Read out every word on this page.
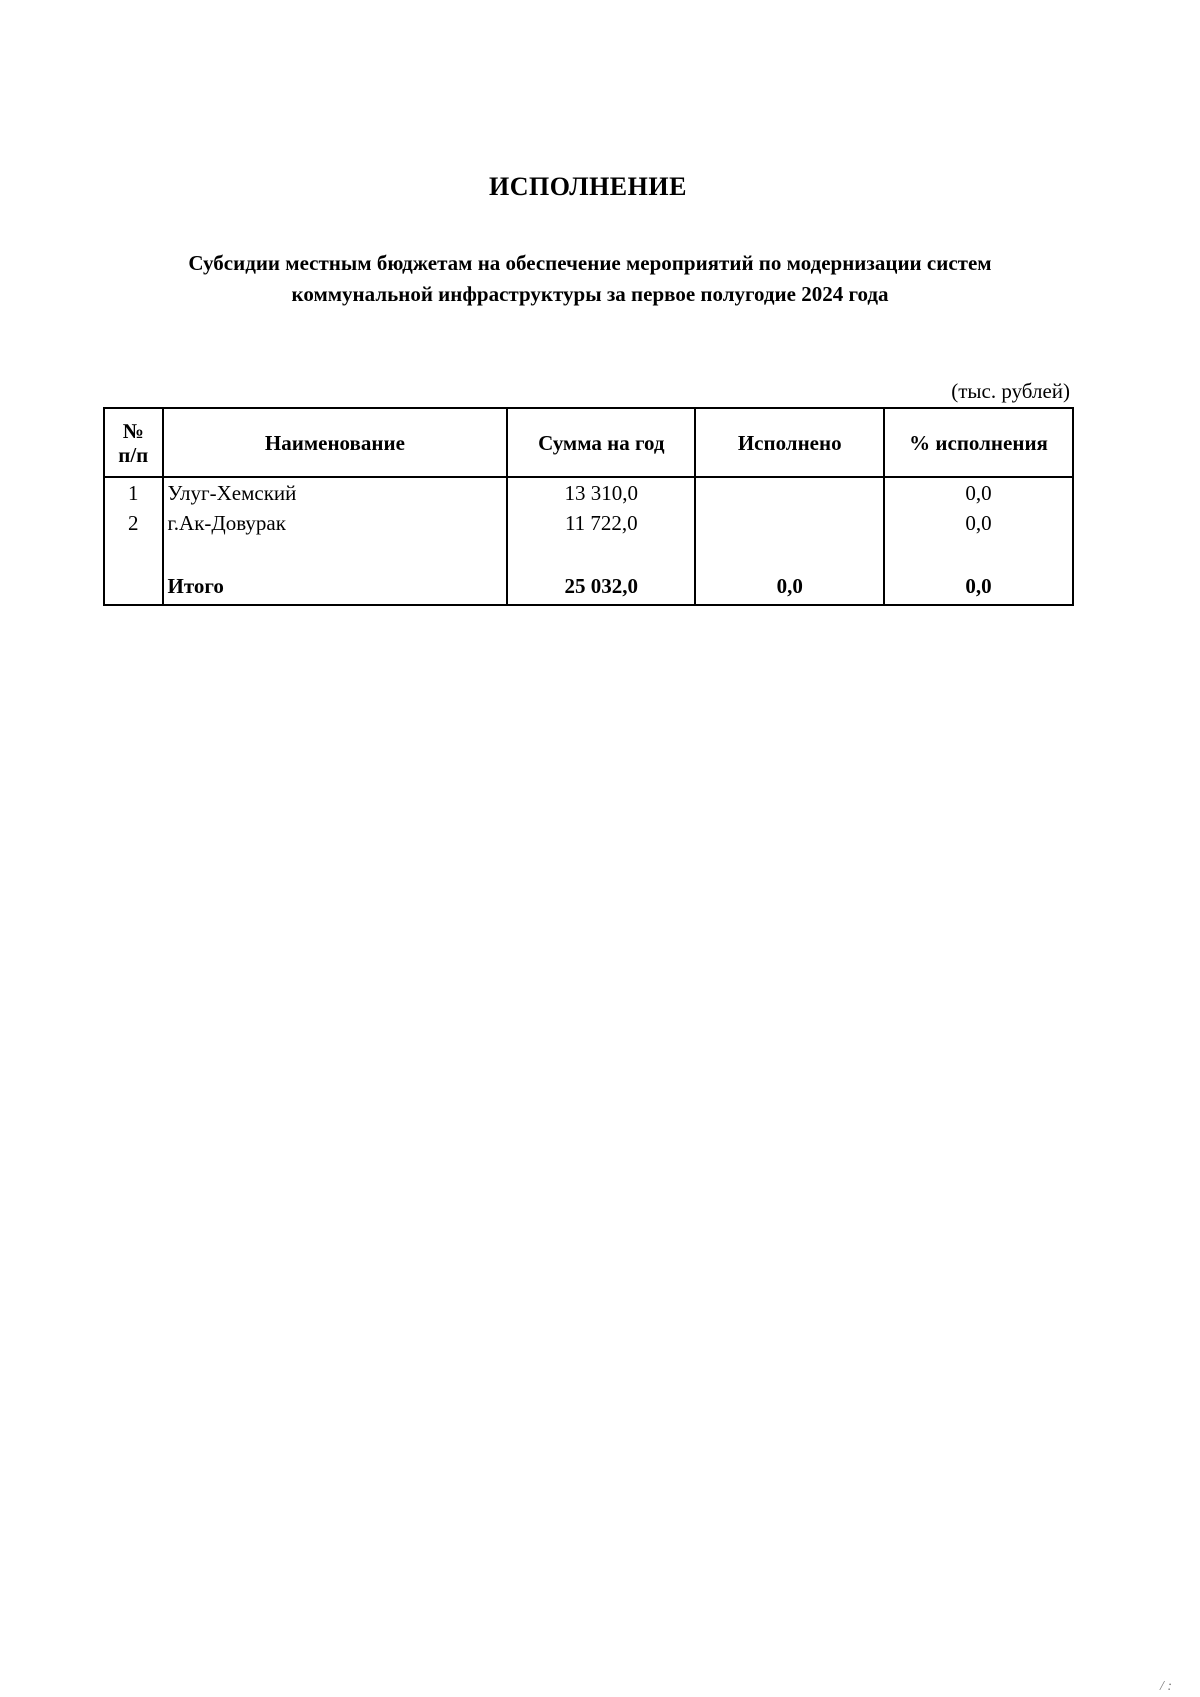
ИСПОЛНЕНИЕ
Субсидии местным бюджетам на обеспечение мероприятий по модернизации систем
коммунальной инфраструктуры за первое полугодие 2024 года
(тыс. рублей)
№
п/п	Наименование	Сумма на год	Исполнено	% исполнения
1	Улуг-Хемский	13 310,0		0,0
2	г.Ак-Довурак	11 722,0		0,0

	Итого	25 032,0	0,0	0,0
/ :
